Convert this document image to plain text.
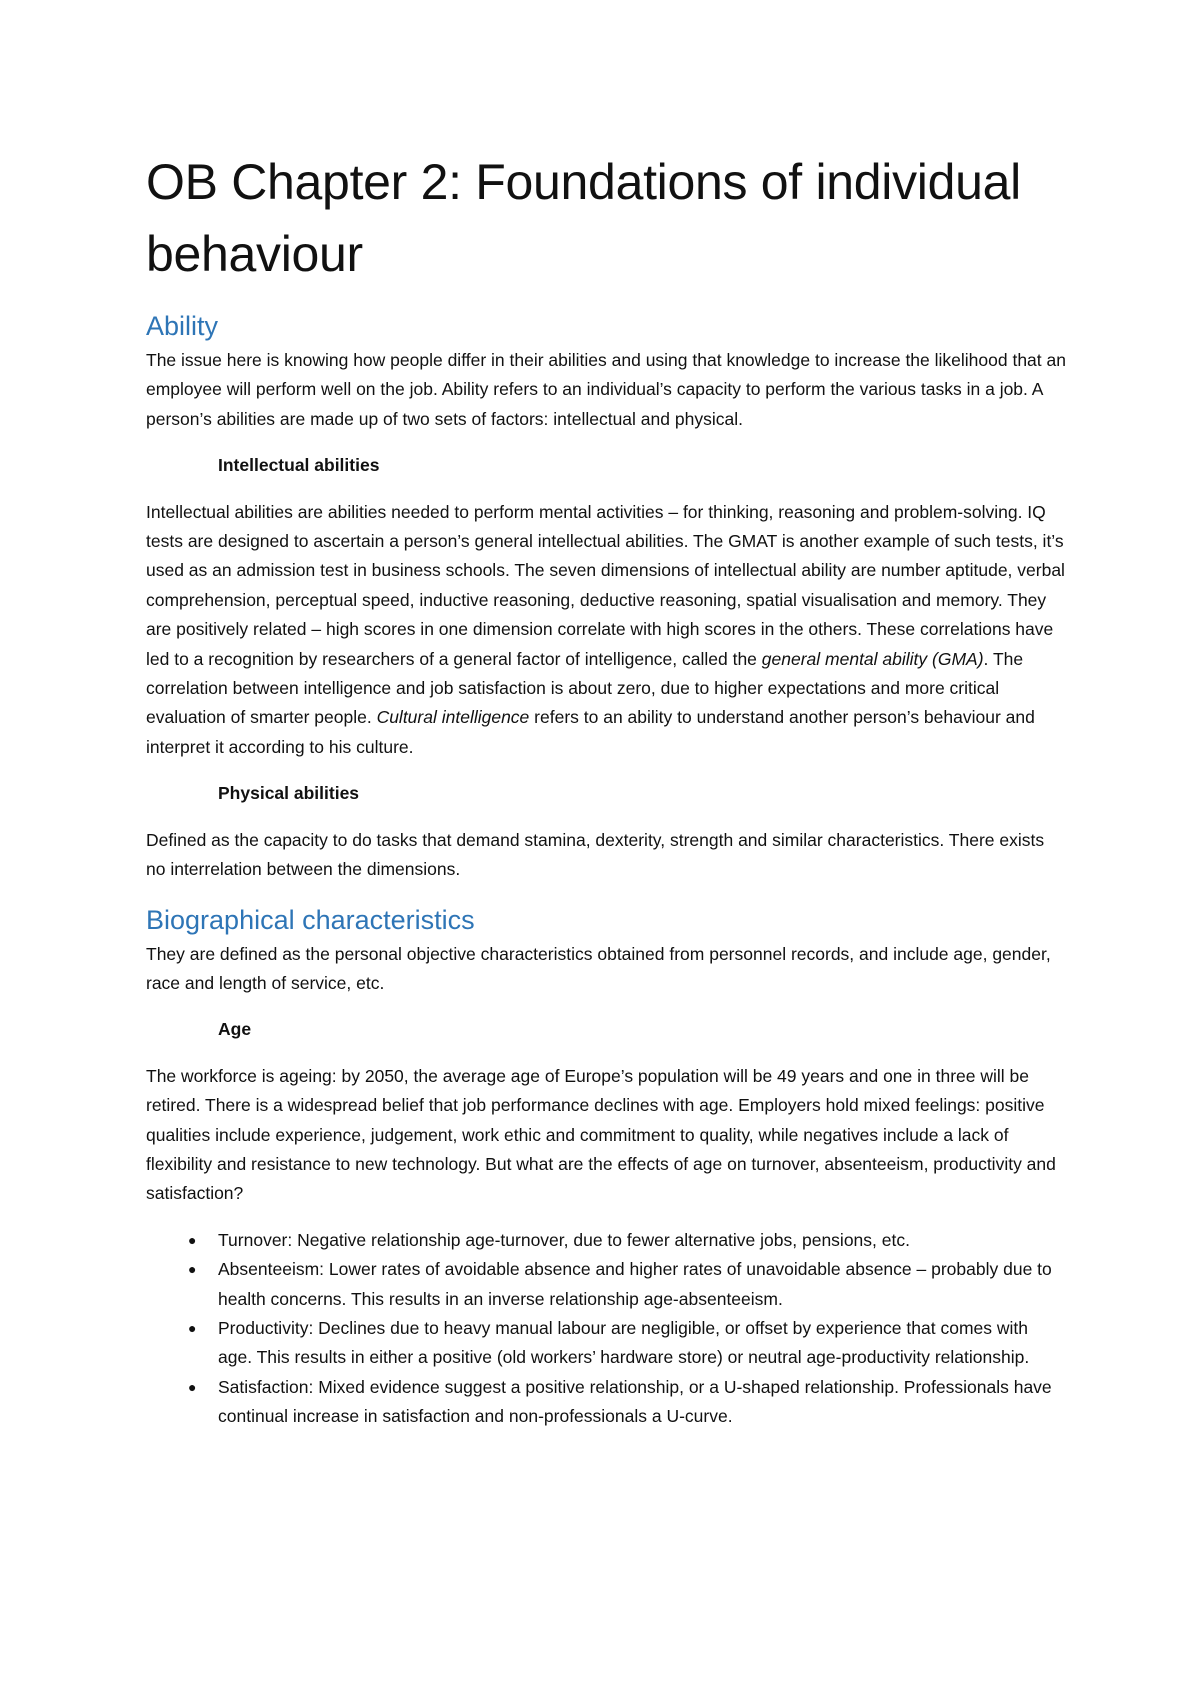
OB Chapter 2: Foundations of individual behaviour
Ability

The issue here is knowing how people differ in their abilities and using that knowledge to increase the likelihood that an employee will perform well on the job. Ability refers to an individual’s capacity to perform the various tasks in a job. A person’s abilities are made up of two sets of factors: intellectual and physical.

Intellectual abilities

Intellectual abilities are abilities needed to perform mental activities – for thinking, reasoning and problem-solving. IQ tests are designed to ascertain a person’s general intellectual abilities. The GMAT is another example of such tests, it’s used as an admission test in business schools. The seven dimensions of intellectual ability are number aptitude, verbal comprehension, perceptual speed, inductive reasoning, deductive reasoning, spatial visualisation and memory. They are positively related – high scores in one dimension correlate with high scores in the others. These correlations have led to a recognition by researchers of a general factor of intelligence, called the general mental ability (GMA). The correlation between intelligence and job satisfaction is about zero, due to higher expectations and more critical evaluation of smarter people. Cultural intelligence refers to an ability to understand another person’s behaviour and interpret it according to his culture.

Physical abilities

Defined as the capacity to do tasks that demand stamina, dexterity, strength and similar characteristics. There exists no interrelation between the dimensions.

Biographical characteristics

They are defined as the personal objective characteristics obtained from personnel records, and include age, gender, race and length of service, etc.

Age

The workforce is ageing: by 2050, the average age of Europe’s population will be 49 years and one in three will be retired. There is a widespread belief that job performance declines with age. Employers hold mixed feelings: positive qualities include experience, judgement, work ethic and commitment to quality, while negatives include a lack of flexibility and resistance to new technology. But what are the effects of age on turnover, absenteeism, productivity and satisfaction?

● Turnover: Negative relationship age-turnover, due to fewer alternative jobs, pensions, etc.
● Absenteeism: Lower rates of avoidable absence and higher rates of unavoidable absence – probably due to health concerns. This results in an inverse relationship age-absenteeism.
● Productivity: Declines due to heavy manual labour are negligible, or offset by experience that comes with age. This results in either a positive (old workers’ hardware store) or neutral age-productivity relationship.
● Satisfaction: Mixed evidence suggest a positive relationship, or a U-shaped relationship. Professionals have continual increase in satisfaction and non-professionals a U-curve.
